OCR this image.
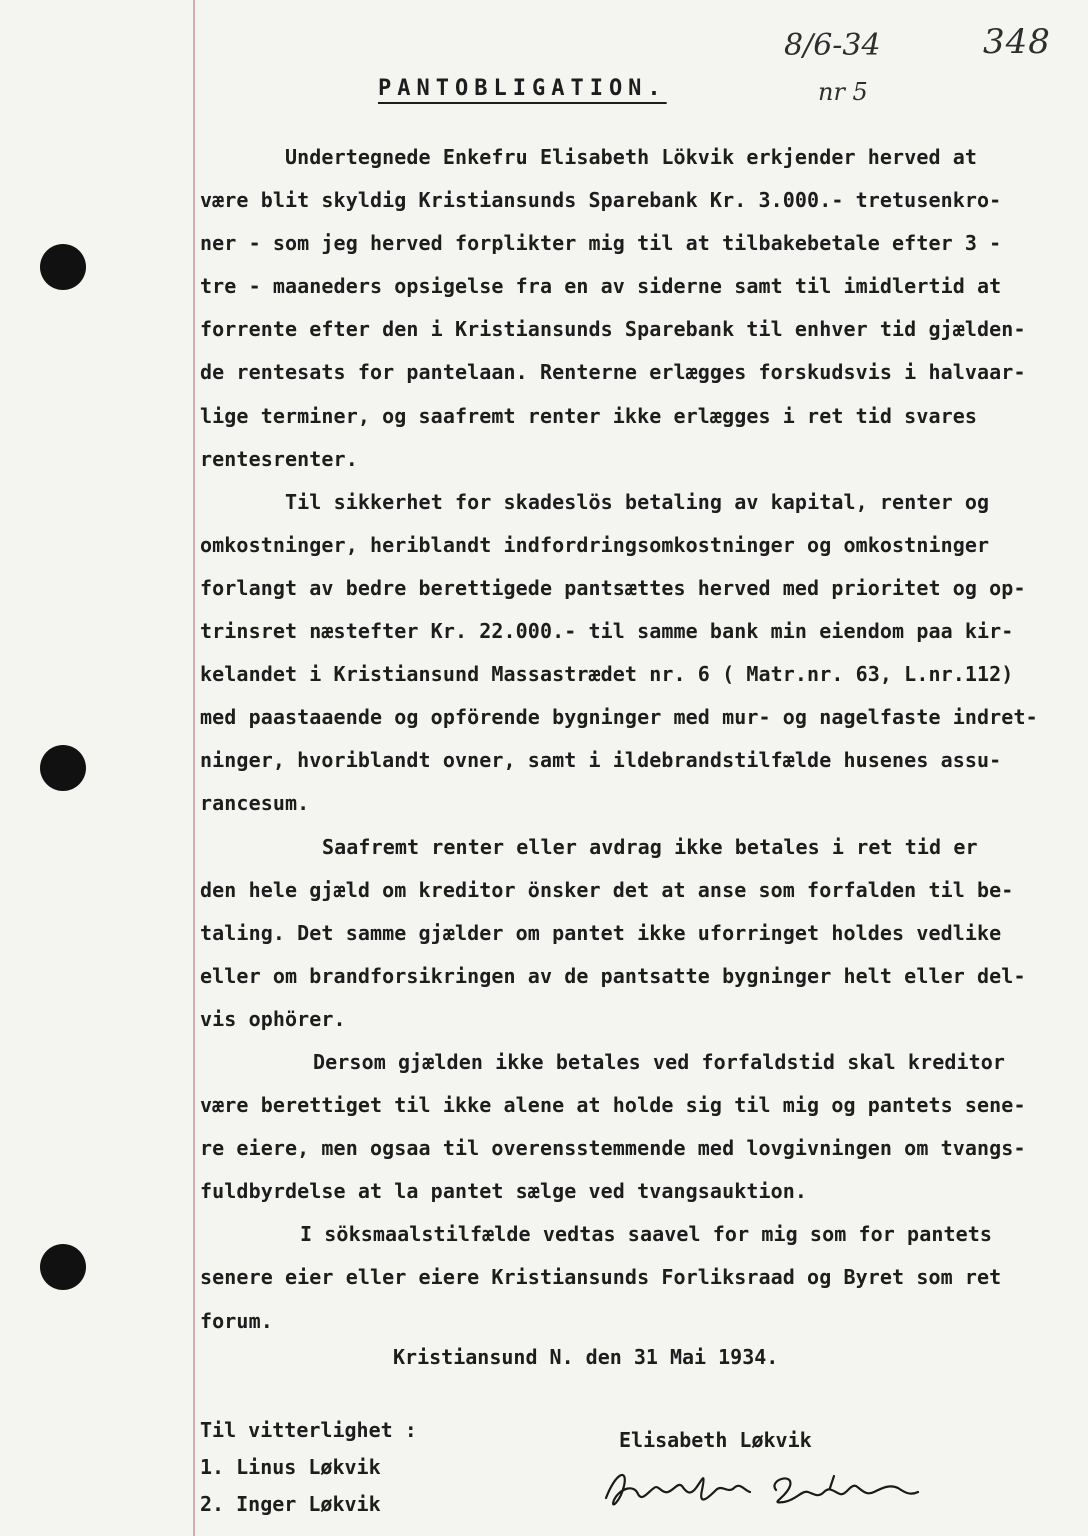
8/6-34
nr 5
348
PANTOBLIGATION.
Undertegnede Enkefru Elisabeth Lökvik erkjender herved at
være blit skyldig Kristiansunds Sparebank Kr. 3.000.- tretusenkro-
ner - som jeg herved forplikter mig til at tilbakebetale efter 3 -
tre - maaneders opsigelse fra en av siderne samt til imidlertid at
forrente efter den i Kristiansunds Sparebank til enhver tid gjælden-
de rentesats for pantelaan. Renterne erlægges forskudsvis i halvaar-
lige terminer, og saafremt renter ikke erlægges i ret tid svares
rentesrenter.
Til sikkerhet for skadeslös betaling av kapital, renter og
omkostninger, heriblandt indfordringsomkostninger og omkostninger
forlangt av bedre berettigede pantsættes herved med prioritet og op-
trinsret næstefter Kr. 22.000.- til samme bank min eiendom paa kir-
kelandet i Kristiansund Massastrædet nr. 6 ( Matr.nr. 63, L.nr.112)
med paastaaende og opförende bygninger med mur- og nagelfaste indret-
ninger, hvoriblandt ovner, samt i ildebrandstilfælde husenes assu-
rancesum.
Saafremt renter eller avdrag ikke betales i ret tid er
den hele gjæld om kreditor önsker det at anse som forfalden til be-
taling. Det samme gjælder om pantet ikke uforringet holdes vedlike
eller om brandforsikringen av de pantsatte bygninger helt eller del-
vis ophörer.
Dersom gjælden ikke betales ved forfaldstid skal kreditor
være berettiget til ikke alene at holde sig til mig og pantets sene-
re eiere, men ogsaa til overensstemmende med lovgivningen om tvangs-
fuldbyrdelse at la pantet sælge ved tvangsauktion.
I söksmaalstilfælde vedtas saavel for mig som for pantets
senere eier eller eiere Kristiansunds Forliksraad og Byret som ret
forum.
Kristiansund N. den 31 Mai 1934.
Til vitterlighet :
1. Linus Løkvik
2. Inger Løkvik
Elisabeth Løkvik
